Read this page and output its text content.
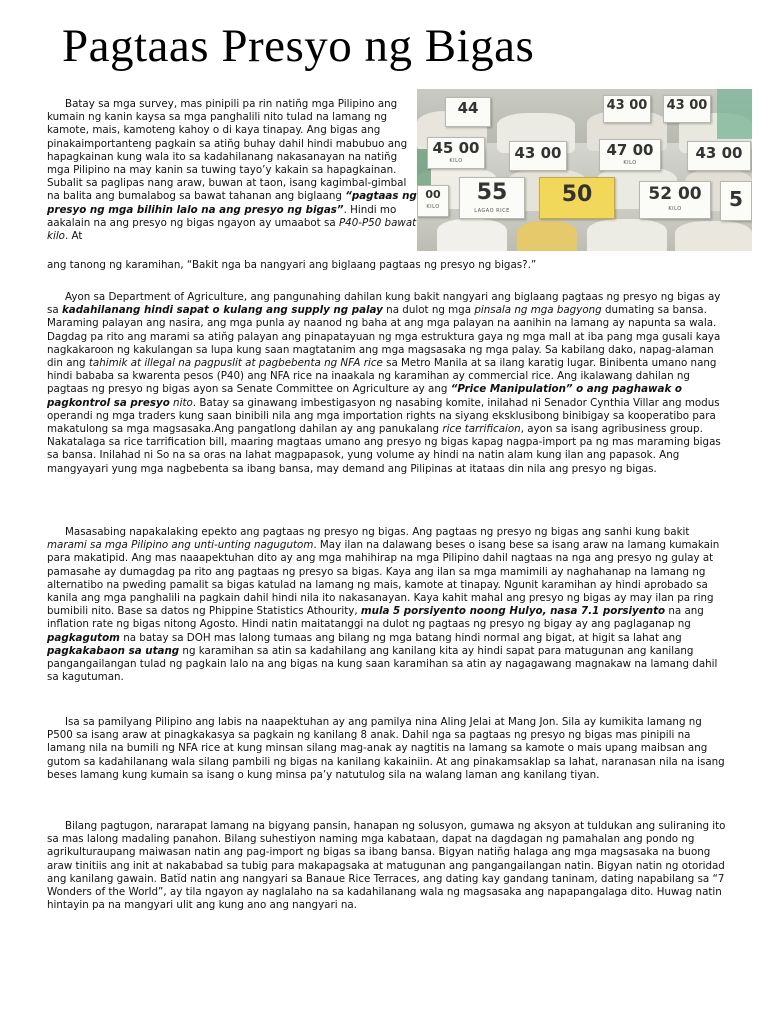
Pagtaas Presyo ng Bigas
44	43 00 43 00
45 00
KILO	43 00	47 00
KILO
43 00
00
KILO
55
LAGAO RICE
50	52 00
KILO	5

Batay sa mga survey, mas pinipili pa rin natin̆g mga Pilipino ang kumain ng kanin kaysa sa mga panghalili nito tulad na lamang ng kamote, mais, kamoteng kahoy o di kaya tinapay. Ang bigas ang pinakaimportanteng pagkain sa atin̆g buhay dahil hindi mabubuo ang hapagkainan kung wala ito sa kadahilanang nakasanayan na natin̆g mga Pilipino na may kanin sa tuwing tayo’y kakain sa hapagkainan. Subalit sa paglipas nang araw, buwan at taon, isang kagimbal-gimbal na balita ang bumalabog sa bawat tahanan ang biglaang “pagtaas ng presyo ng mga bilihin lalo na ang presyo ng bigas”. Hindi mo aakalain na ang presyo ng bigas ngayon ay umaabot sa P40-P50 bawat kilo. At

ang tanong ng karamihan, “Bakit nga ba nangyari ang biglaang pagtaas ng presyo ng bigas?.”

Ayon sa Department of Agriculture, ang pangunahing dahilan kung bakit nangyari ang biglaang pagtaas ng presyo ng bigas ay sa kadahilanang hindi sapat o kulang ang supply ng palay na dulot ng mga pinsala ng mga bagyong dumating sa bansa. Maraming palayan ang nasira, ang mga punla ay naanod ng baha at ang mga palayan na aanihin na lamang ay napunta sa wala. Dagdag pa rito ang marami sa atin̆g palayan ang pinapatayuan ng mga estruktura gaya ng mga mall at iba pang mga gusali kaya nagkakaroon ng kakulangan sa lupa kung saan magtatanim ang mga magsasaka ng mga palay. Sa kabilang dako, napag-alaman din ang tahimik at illegal na pagpuslit at pagbebenta ng NFA rice sa Metro Manila at sa ilang karatig lugar. Binibenta umano nang hindi bababa sa kwarenta pesos (P40) ang NFA rice na inaakala ng karamihan ay commercial rice. Ang ikalawang dahilan ng pagtaas ng presyo ng bigas ayon sa Senate Committee on Agriculture ay ang “Price Manipulation” o ang paghawak o pagkontrol sa presyo nito. Batay sa ginawang imbestigasyon ng nasabing komite, inilahad ni Senador Cynthia Villar ang modus operandi ng mga traders kung saan binibili nila ang mga importation rights na siyang eksklusibong binibigay sa kooperatibo para makatulong sa mga magsasaka.Ang pangatlong dahilan ay ang panukalang rice tarrificaion, ayon sa isang agribusiness group. Nakatalaga sa rice tarrification bill, maaring magtaas umano ang presyo ng bigas kapag nagpa-import pa ng mas maraming bigas sa bansa. Inilahad ni So na sa oras na lahat magpapasok, yung volume ay hindi na natin alam kung ilan ang papasok. Ang mangyayari yung mga nagbebenta sa ibang bansa, may demand ang Pilipinas at itataas din nila ang presyo ng bigas.

Masasabing napakalaking epekto ang pagtaas ng presyo ng bigas. Ang pagtaas ng presyo ng bigas ang sanhi kung bakit marami sa mga Pilipino ang unti-unting nagugutom. May ilan na dalawang beses o isang bese sa isang araw na lamang kumakain para makatipid. Ang mas naaapektuhan dito ay ang mga mahihirap na mga Pilipino dahil nagtaas na nga ang presyo ng gulay at pamasahe ay dumagdag pa rito ang pagtaas ng presyo sa bigas. Kaya ang ilan sa mga mamimili ay naghahanap na lamang ng alternatibo na pweding pamalit sa bigas katulad na lamang ng mais, kamote at tinapay. Ngunit karamihan ay hindi aprobado sa kanila ang mga panghalili na pagkain dahil hindi nila ito nakasanayan. Kaya kahit mahal ang presyo ng bigas ay may ilan pa ring bumibili nito. Base sa datos ng Phippine Statistics Athourity, mula 5 porsiyento noong Hulyo, nasa 7.1 porsiyento na ang inflation rate ng bigas nitong Agosto. Hindi natin maitatanggi na dulot ng pagtaas ng presyo ng bigay ay ang paglaganap ng pagkagutom na batay sa DOH mas lalong tumaas ang bilang ng mga batang hindi normal ang bigat, at higit sa lahat ang pagkakabaon sa utang ng karamihan sa atin sa kadahilang ang kanilang kita ay hindi sapat para matugunan ang kanilang pangangailangan tulad ng pagkain lalo na ang bigas na kung saan karamihan sa atin ay nagagawang magnakaw na lamang dahil sa kagutuman.

Isa sa pamilyang Pilipino ang labis na naapektuhan ay ang pamilya nina Aling Jelai at Mang Jon. Sila ay kumikita lamang ng P500 sa isang araw at pinagkakasya sa pagkain ng kanilang 8 anak. Dahil nga sa pagtaas ng presyo ng bigas mas pinipili na lamang nila na bumili ng NFA rice at kung minsan silang mag-anak ay nagtitis na lamang sa kamote o mais upang maibsan ang gutom sa kadahilanang wala silang pambili ng bigas na kanilang kakainiin. At ang pinakamsaklap sa lahat, naranasan nila na isang beses lamang kung kumain sa isang o kung minsa pa’y natutulog sila na walang laman ang kanilang tiyan.

Bilang pagtugon, nararapat lamang na bigyang pansin, hanapan ng solusyon, gumawa ng aksyon at tuldukan ang suliraning ito sa mas lalong madaling panahon. Bilang suhestiyon naming mga kabataan, dapat na dagdagan ng pamahalan ang pondo ng agrikulturaupang maiwasan natin ang pag-import ng bigas sa ibang bansa. Bigyan natin̆g halaga ang mga magsasaka na buong araw tinitiis ang init at nakababad sa tubig para makapagsaka at matugunan ang pangangailangan natin. Bigyan natin ng otoridad ang kanilang gawain. Batĭd natin ang nangyari sa Banaue Rice Terraces, ang dating kay gandang taninam, dating napabilang sa “7 Wonders of the World”, ay tila ngayon ay naglalaho na sa kadahilanang wala ng magsasaka ang napapangalaga dito. Huwag natin hintayin pa na mangyari ulit ang kung ano ang nangyari na.
